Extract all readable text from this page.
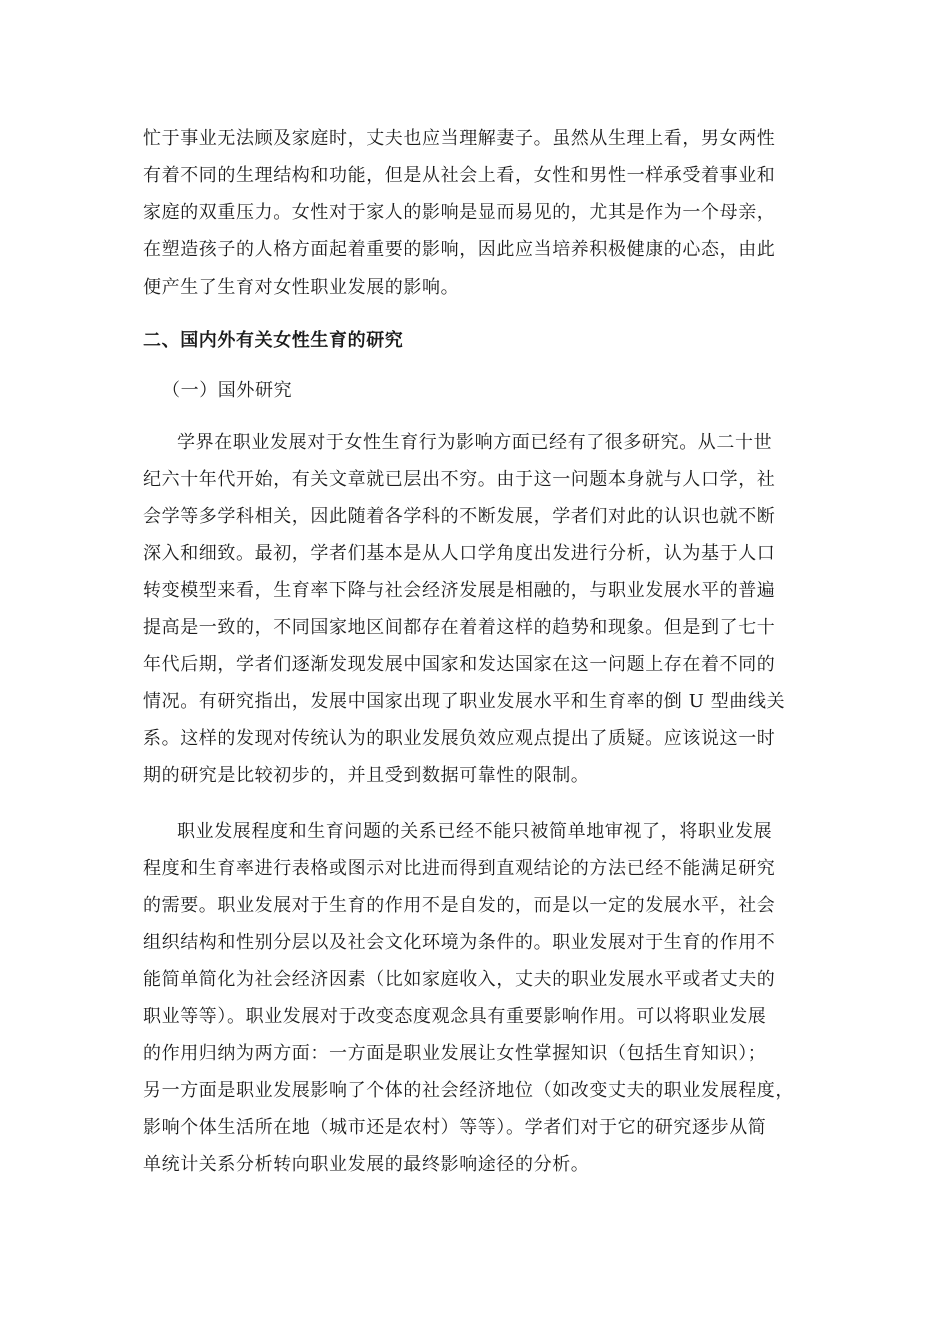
忙于事业无法顾及家庭时，丈夫也应当理解妻子。虽然从生理上看，男女两性
有着不同的生理结构和功能，但是从社会上看，女性和男性一样承受着事业和
家庭的双重压力。女性对于家人的影响是显而易见的，尤其是作为一个母亲，
在塑造孩子的人格方面起着重要的影响，因此应当培养积极健康的心态，由此
便产生了生育对女性职业发展的影响。
二、国内外有关女性生育的研究
（一）国外研究
学界在职业发展对于女性生育行为影响方面已经有了很多研究。从二十世
纪六十年代开始，有关文章就已层出不穷。由于这一问题本身就与人口学，社
会学等多学科相关，因此随着各学科的不断发展，学者们对此的认识也就不断
深入和细致。最初，学者们基本是从人口学角度出发进行分析，认为基于人口
转变模型来看，生育率下降与社会经济发展是相融的，与职业发展水平的普遍
提高是一致的，不同国家地区间都存在着着这样的趋势和现象。但是到了七十
年代后期，学者们逐渐发现发展中国家和发达国家在这一问题上存在着不同的
情况。有研究指出，发展中国家出现了职业发展水平和生育率的倒 U 型曲线关
系。这样的发现对传统认为的职业发展负效应观点提出了质疑。应该说这一时
期的研究是比较初步的，并且受到数据可靠性的限制。
职业发展程度和生育问题的关系已经不能只被简单地审视了，将职业发展
程度和生育率进行表格或图示对比进而得到直观结论的方法已经不能满足研究
的需要。职业发展对于生育的作用不是自发的，而是以一定的发展水平，社会
组织结构和性别分层以及社会文化环境为条件的。职业发展对于生育的作用不
能简单简化为社会经济因素（比如家庭收入，丈夫的职业发展水平或者丈夫的
职业等等）。职业发展对于改变态度观念具有重要影响作用。可以将职业发展
的作用归纳为两方面：一方面是职业发展让女性掌握知识（包括生育知识）；
另一方面是职业发展影响了个体的社会经济地位（如改变丈夫的职业发展程度，
影响个体生活所在地（城市还是农村）等等）。学者们对于它的研究逐步从简
单统计关系分析转向职业发展的最终影响途径的分析。
